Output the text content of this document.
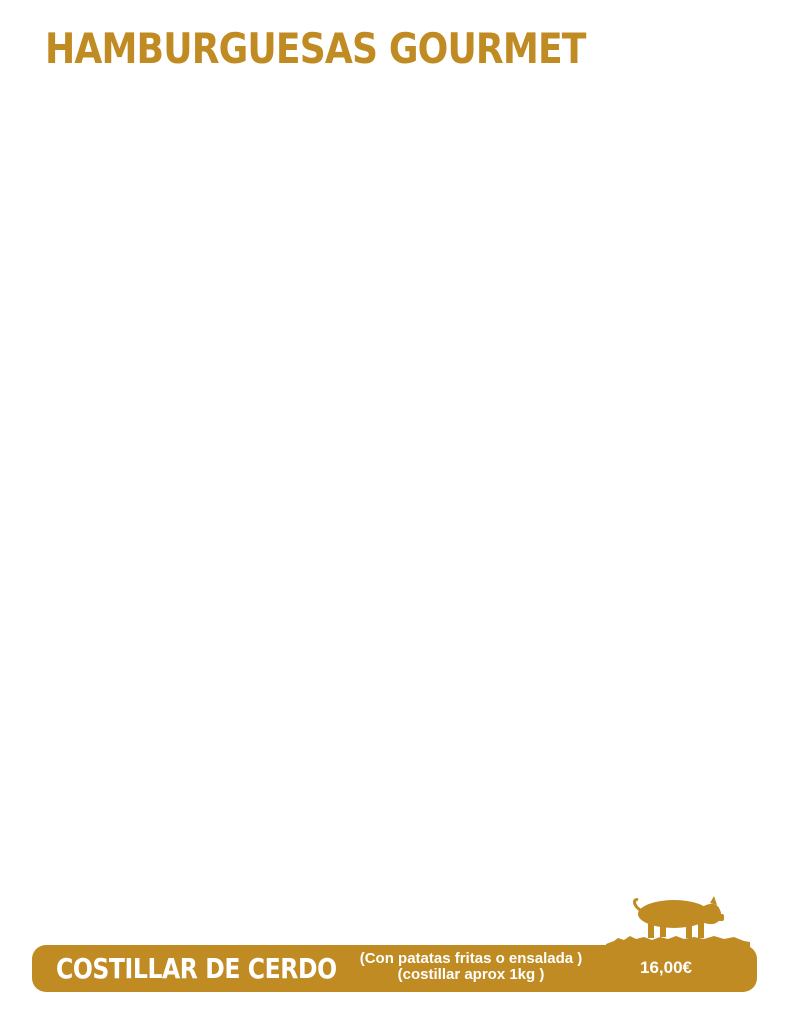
HAMBURGUESAS GOURMET
COSTILLAR DE CERDO	(Con patatas fritas o ensalada )
(costillar aprox 1kg )	16,00€
